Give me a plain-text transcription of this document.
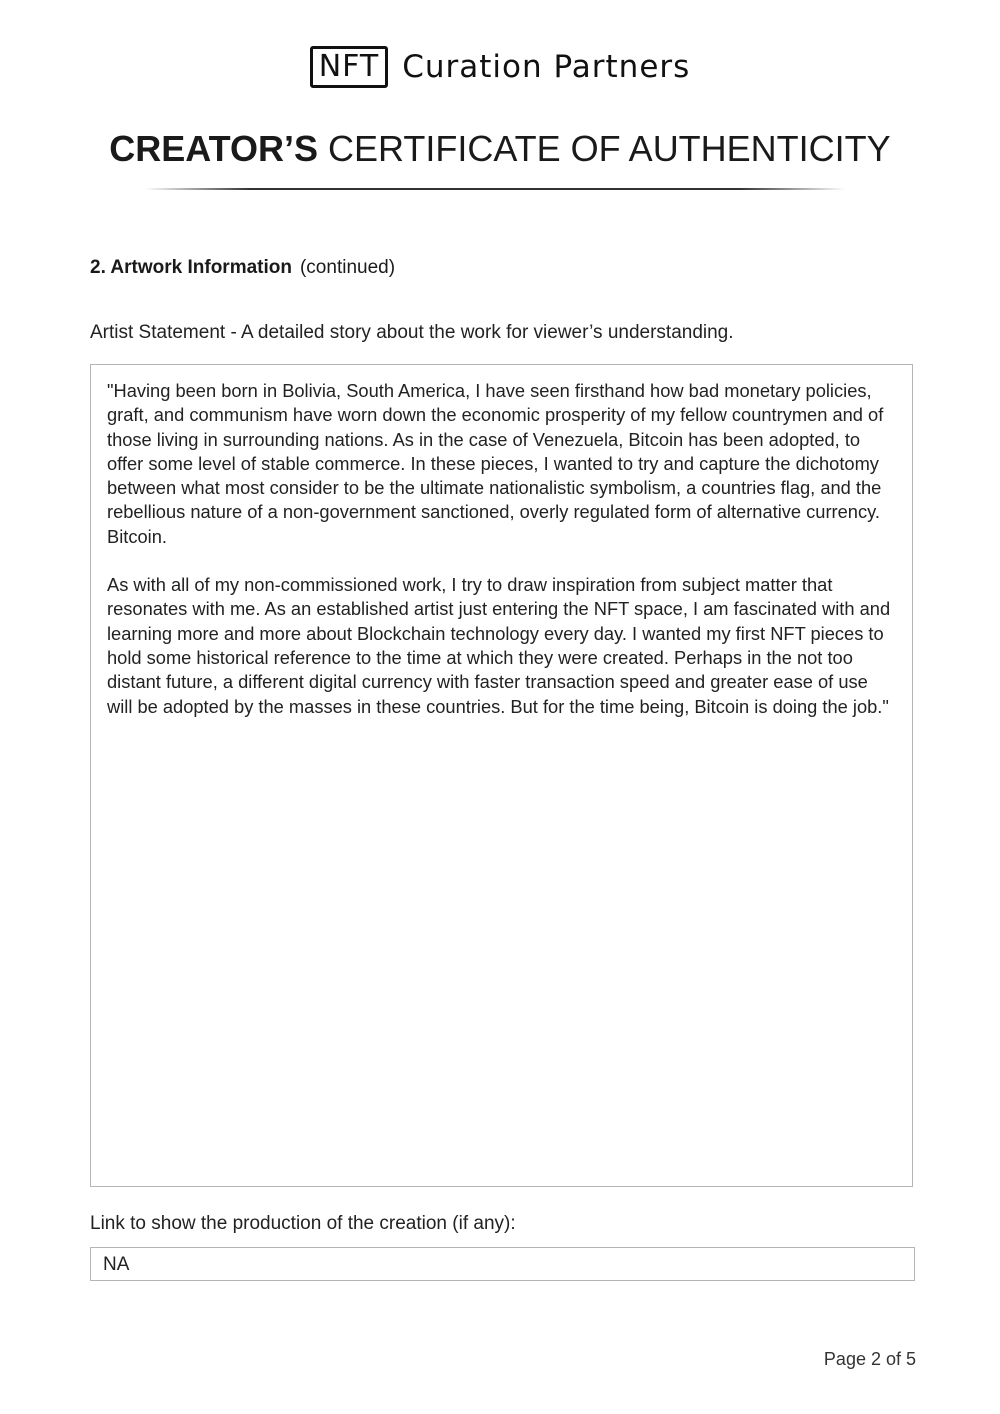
NFT Curation Partners
CREATOR’S CERTIFICATE OF AUTHENTICITY
2. Artwork Information (continued)
Artist Statement - A detailed story about the work for viewer’s understanding.

"Having been born in Bolivia, South America, I have seen firsthand how bad monetary policies, graft, and communism have worn down the economic prosperity of my fellow countrymen and of those living in surrounding nations. As in the case of Venezuela, Bitcoin has been adopted, to offer some level of stable commerce. In these pieces, I wanted to try and capture the dichotomy between what most consider to be the ultimate nationalistic symbolism, a countries flag, and the rebellious nature of a non-government sanctioned, overly regulated form of alternative currency. Bitcoin.

As with all of my non-commissioned work, I try to draw inspiration from subject matter that resonates with me. As an established artist just entering the NFT space, I am fascinated with and learning more and more about Blockchain technology every day. I wanted my first NFT pieces to hold some historical reference to the time at which they were created. Perhaps in the not too distant future, a different digital currency with faster transaction speed and greater ease of use will be adopted by the masses in these countries. But for the time being, Bitcoin is doing the job."

Link to show the production of the creation (if any):
NA
Page 2 of 5
